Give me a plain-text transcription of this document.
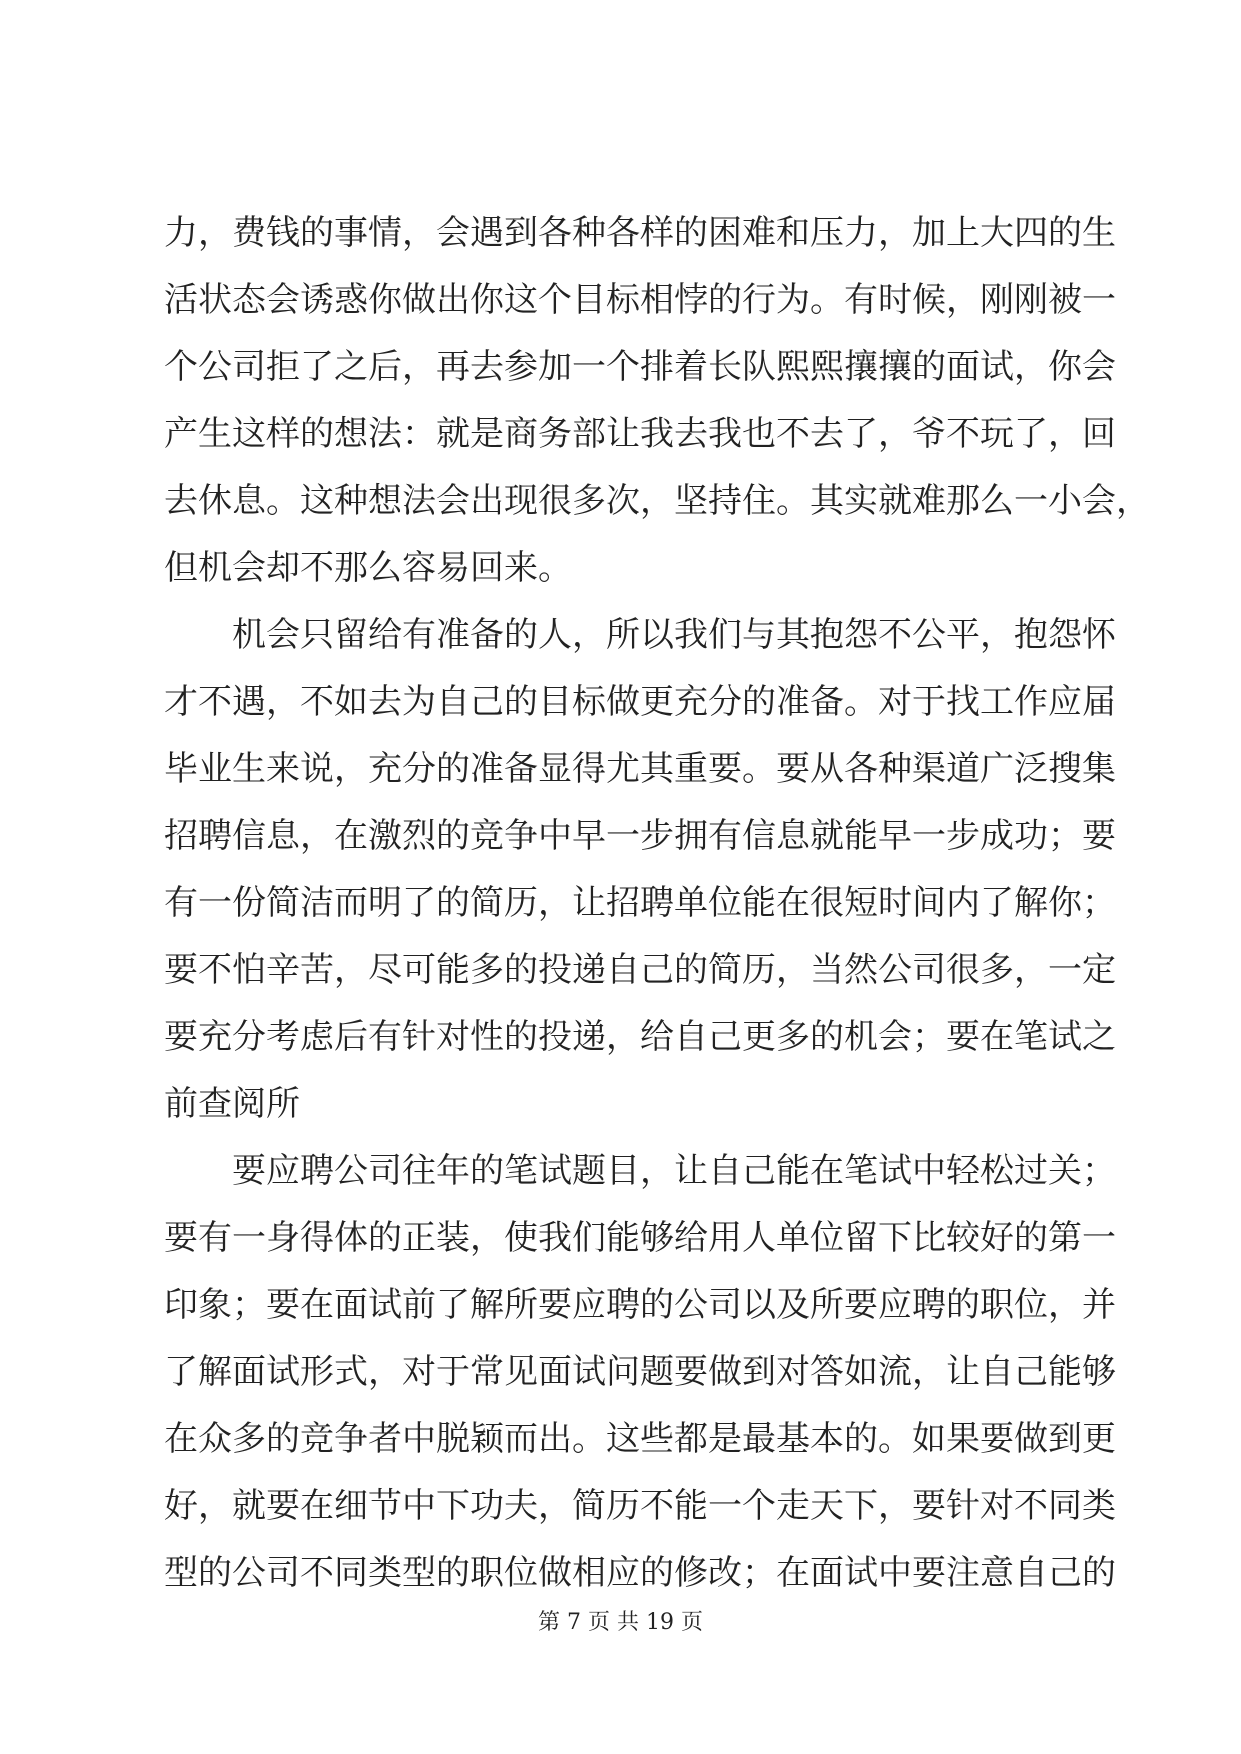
力，费钱的事情，会遇到各种各样的困难和压力，加上大四的生
活状态会诱惑你做出你这个目标相悖的行为。有时候，刚刚被一
个公司拒了之后，再去参加一个排着长队熙熙攘攘的面试，你会
产生这样的想法：就是商务部让我去我也不去了，爷不玩了，回
去休息。这种想法会出现很多次，坚持住。其实就难那么一小会，
但机会却不那么容易回来。
机会只留给有准备的人，所以我们与其抱怨不公平，抱怨怀
才不遇，不如去为自己的目标做更充分的准备。对于找工作应届
毕业生来说，充分的准备显得尤其重要。要从各种渠道广泛搜集
招聘信息，在激烈的竞争中早一步拥有信息就能早一步成功；要
有一份简洁而明了的简历，让招聘单位能在很短时间内了解你；
要不怕辛苦，尽可能多的投递自己的简历，当然公司很多，一定
要充分考虑后有针对性的投递，给自己更多的机会；要在笔试之
前查阅所
要应聘公司往年的笔试题目，让自己能在笔试中轻松过关；
要有一身得体的正装，使我们能够给用人单位留下比较好的第一
印象；要在面试前了解所要应聘的公司以及所要应聘的职位，并
了解面试形式，对于常见面试问题要做到对答如流，让自己能够
在众多的竞争者中脱颖而出。这些都是最基本的。如果要做到更
好，就要在细节中下功夫，简历不能一个走天下，要针对不同类
型的公司不同类型的职位做相应的修改；在面试中要注意自己的
第 7 页 共 19 页
